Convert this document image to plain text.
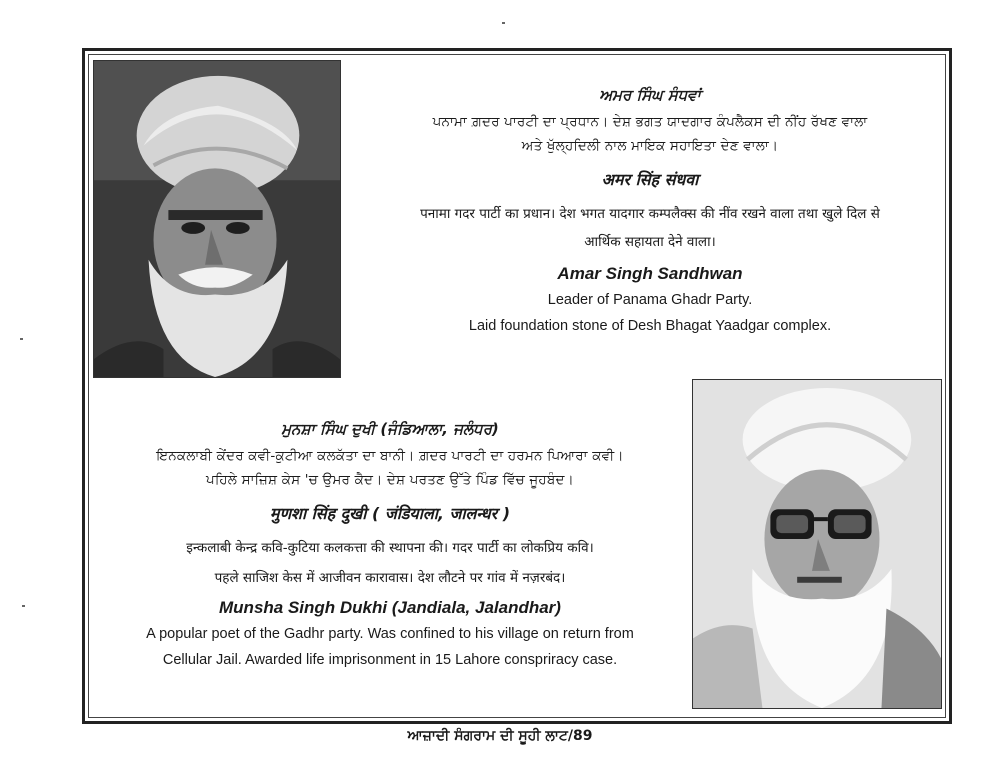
ਅਮਰ ਸਿੰਘ ਸੰਧਵਾਂ
ਪਨਾਮਾ ਗ਼ਦਰ ਪਾਰਟੀ ਦਾ ਪ੍ਰਧਾਨ। ਦੇਸ਼ ਭਗਤ ਯਾਦਗਾਰ ਕੰਪਲੈਕਸ ਦੀ ਨੀਂਹ ਰੱਖਣ ਵਾਲਾ
ਅਤੇ ਖੁੱਲ੍ਹਦਿਲੀ ਨਾਲ ਮਾਇਕ ਸਹਾਇਤਾ ਦੇਣ ਵਾਲਾ।
अमर सिंह संधवा
पनामा गदर पार्टी का प्रधान। देश भगत यादगार कम्पलैक्स की नींव रखने वाला तथा खुले दिल से
आर्थिक सहायता देने वाला।
Amar Singh Sandhwan
Leader of Panama Ghadr Party.
Laid foundation stone of Desh Bhagat Yaadgar complex.
ਮੁਨਸ਼ਾ ਸਿੰਘ ਦੁਖੀ (ਜੰਡਿਆਲਾ, ਜਲੰਧਰ)
ਇਨਕਲਾਬੀ ਕੇਂਦਰ ਕਵੀ-ਕੁਟੀਆ ਕਲਕੱਤਾ ਦਾ ਬਾਨੀ। ਗ਼ਦਰ ਪਾਰਟੀ ਦਾ ਹਰਮਨ ਪਿਆਰਾ ਕਵੀ।
ਪਹਿਲੇ ਸਾਜ਼ਿਸ਼ ਕੇਸ 'ਚ ਉਮਰ ਕੈਦ। ਦੇਸ਼ ਪਰਤਣ ਉੱਤੇ ਪਿੰਡ ਵਿੱਚ ਜੂਹਬੰਦ।
मुणशा सिंह दुखी ( जंडियाला, जालन्धर )
इन्कलाबी केन्द्र कवि-कुटिया कलकत्ता की स्थापना की। गदर पार्टी का लोकप्रिय कवि।
पहले साजिश केस में आजीवन कारावास। देश लौटने पर गांव में नज़रबंद।
Munsha Singh Dukhi (Jandiala, Jalandhar)
A popular poet of the Gadhr party. Was confined to his village on return from
Cellular Jail. Awarded life imprisonment in 15 Lahore conspriracy case.
ਆਜ਼ਾਦੀ ਸੰਗਰਾਮ ਦੀ ਸੂਹੀ ਲਾਟ/89
